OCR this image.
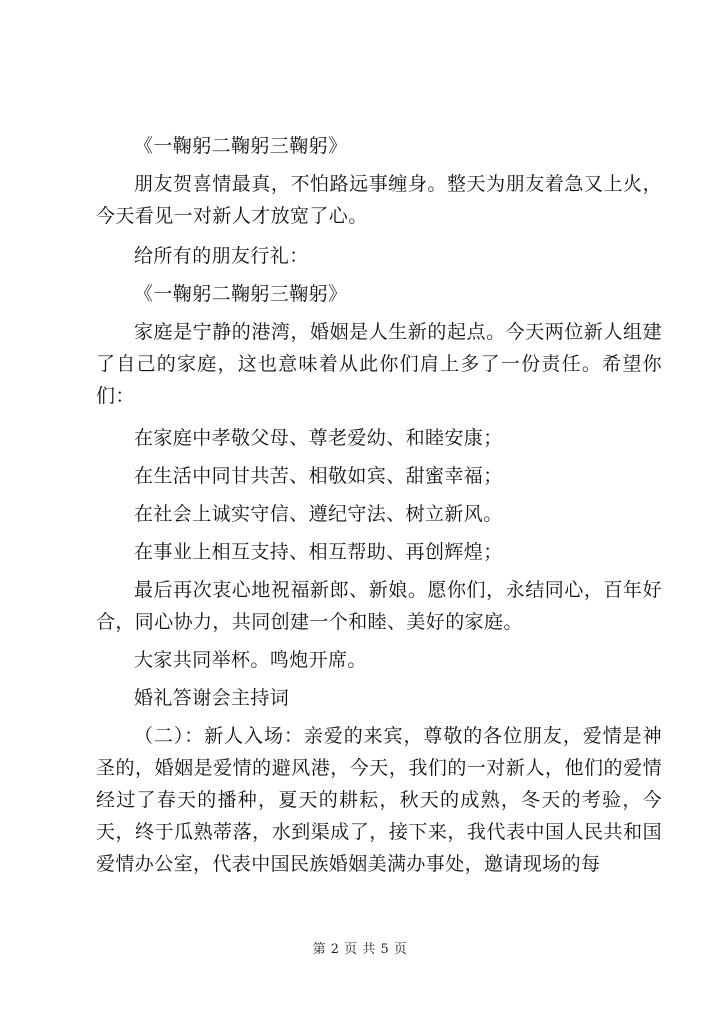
《一鞠躬二鞠躬三鞠躬》

朋友贺喜情最真，不怕路远事缠身。整天为朋友着急又上火，今天看见一对新人才放宽了心。

给所有的朋友行礼：

《一鞠躬二鞠躬三鞠躬》

家庭是宁静的港湾，婚姻是人生新的起点。今天两位新人组建了自己的家庭，这也意味着从此你们肩上多了一份责任。希望你们：

在家庭中孝敬父母、尊老爱幼、和睦安康；

在生活中同甘共苦、相敬如宾、甜蜜幸福；

在社会上诚实守信、遵纪守法、树立新风。

在事业上相互支持、相互帮助、再创辉煌；

最后再次衷心地祝福新郎、新娘。愿你们，永结同心，百年好合，同心协力，共同创建一个和睦、美好的家庭。

大家共同举杯。鸣炮开席。

婚礼答谢会主持词

（二）：新人入场：亲爱的来宾，尊敬的各位朋友，爱情是神圣的，婚姻是爱情的避风港，今天，我们的一对新人，他们的爱情经过了春天的播种，夏天的耕耘，秋天的成熟，冬天的考验，今天，终于瓜熟蒂落，水到渠成了，接下来，我代表中国人民共和国爱情办公室，代表中国民族婚姻美满办事处，邀请现场的每

第 2 页 共 5 页
